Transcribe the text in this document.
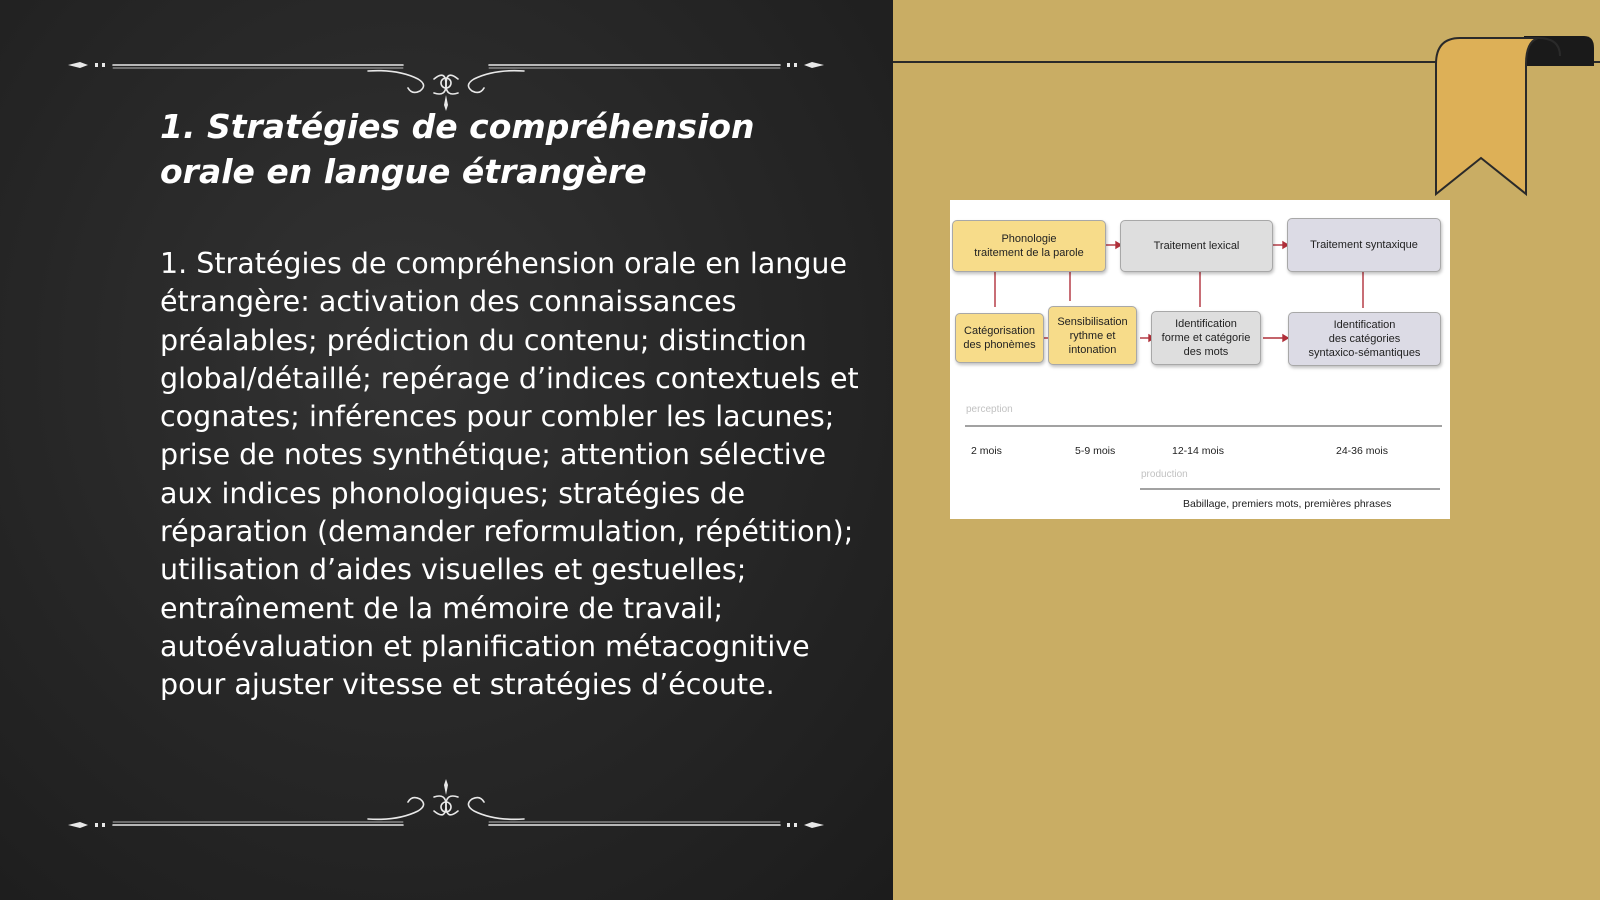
1. Stratégies de compréhension orale en langue étrangère
1. Stratégies de compréhension orale en langue étrangère: activation des connaissances préalables; prédiction du contenu; distinction global/détaillé; repérage d’indices contextuels et cognates; inférences pour combler les lacunes; prise de notes synthétique; attention sélective aux indices phonologiques; stratégies de réparation (demander reformulation, répétition); utilisation d’aides visuelles et gestuelles; entraînement de la mémoire de travail; autoévaluation et planification métacognitive pour ajuster vitesse et stratégies d’écoute.
Phonologie
traitement de la parole
Traitement lexical	Traitement syntaxique
Catégorisation
des phonèmes
Sensibilisation
rythme et
intonation
Identification
forme et catégorie
des mots
Identification
des catégories
syntaxico-sémantiques
perception
2 mois	5-9 mois	12-14 mois	24-36 mois
production
Babillage, premiers mots, premières phrases
